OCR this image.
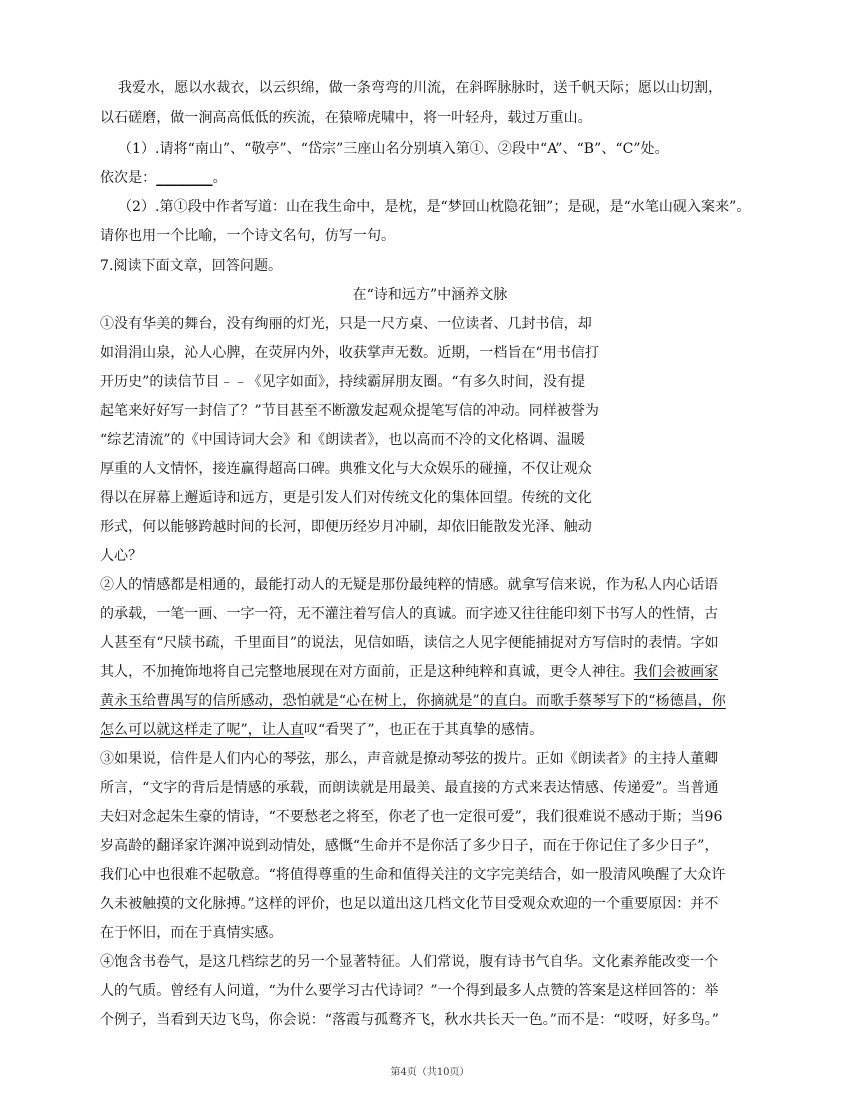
我爱水，愿以水裁衣，以云织绵，做一条弯弯的川流，在斜晖脉脉时，送千帆天际；愿以山切割，
以石磋磨，做一涧高高低低的疾流，在猿啼虎啸中，将一叶轻舟，载过万重山。
（1）.请将“南山”、“敬亭”、“岱宗”三座山名分别填入第①、②段中“A”、“B”、“C”处。
依次是：________。
（2）.第①段中作者写道：山在我生命中，是枕，是“梦回山枕隐花钿”；是砚，是“水笔山砚入案来”。
请你也用一个比喻，一个诗文名句，仿写一句。
7.阅读下面文章，回答问题。
在“诗和远方”中涵养文脉
①没有华美的舞台，没有绚丽的灯光，只是一尺方桌、一位读者、几封书信，却
如涓涓山泉，沁人心脾，在荧屏内外，收获掌声无数。近期，一档旨在“用书信打
开历史”的读信节目﹣﹣《见字如面》，持续霸屏朋友圈。“有多久时间，没有提
起笔来好好写一封信了？”节目甚至不断激发起观众提笔写信的冲动。同样被誉为
“综艺清流”的《中国诗词大会》和《朗读者》，也以高而不冷的文化格调、温暖
厚重的人文情怀，接连赢得超高口碑。典雅文化与大众娱乐的碰撞，不仅让观众
得以在屏幕上邂逅诗和远方，更是引发人们对传统文化的集体回望。传统的文化
形式，何以能够跨越时间的长河，即便历经岁月冲刷，却依旧能散发光泽、触动
人心？
②人的情感都是相通的，最能打动人的无疑是那份最纯粹的情感。就拿写信来说，作为私人内心话语
的承载，一笔一画、一字一符，无不灌注着写信人的真诚。而字迹又往往能印刻下书写人的性情，古
人甚至有“尺牍书疏，千里面目”的说法，见信如晤，读信之人见字便能捕捉对方写信时的表情。字如
其人，不加掩饰地将自己完整地展现在对方面前，正是这种纯粹和真诚，更令人神往。我们会被画家
黄永玉给曹禺写的信所感动，恐怕就是“心在树上，你摘就是”的直白。而歌手蔡琴写下的“杨德昌，你
怎么可以就这样走了呢”，让人直叹“看哭了”，也正在于其真挚的感情。
③如果说，信件是人们内心的琴弦，那么，声音就是撩动琴弦的拨片。正如《朗读者》的主持人董卿
所言，“文字的背后是情感的承载，而朗读就是用最美、最直接的方式来表达情感、传递爱”。当普通
夫妇对念起朱生豪的情诗，“不要愁老之将至，你老了也一定很可爱”，我们很难说不感动于斯；当96
岁高龄的翻译家许渊冲说到动情处，感慨“生命并不是你活了多少日子，而在于你记住了多少日子”，
我们心中也很难不起敬意。“将值得尊重的生命和值得关注的文字完美结合，如一股清风唤醒了大众许
久未被触摸的文化脉搏。”这样的评价，也足以道出这几档文化节目受观众欢迎的一个重要原因：并不
在于怀旧，而在于真情实感。
④饱含书卷气，是这几档综艺的另一个显著特征。人们常说，腹有诗书气自华。文化素养能改变一个
人的气质。曾经有人问道，“为什么要学习古代诗词？”一个得到最多人点赞的答案是这样回答的：举
个例子，当看到天边飞鸟，你会说：“落霞与孤鹜齐飞，秋水共长天一色。”而不是：“哎呀，好多鸟。”
第4页（共10页）
